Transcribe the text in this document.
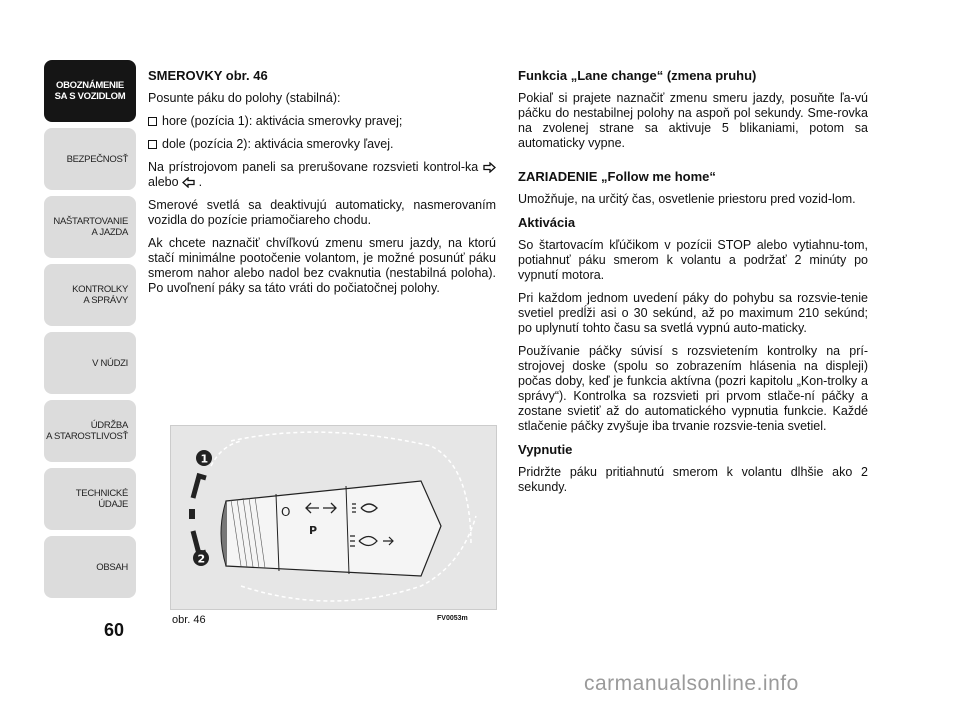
OBOZNÁMENIE
SA S VOZIDLOM
BEZPEČNOSŤ
NAŠTARTOVANIE
A JAZDA
KONTROLKY
A SPRÁVY
V NÚDZI
ÚDRŽBA
A STAROSTLIVOSŤ
TECHNICKÉ
ÚDAJE
OBSAH
60

SMEROVKY obr. 46

Posunte páku do polohy (stabilná):

hore (pozícia 1): aktivácia smerovky pravej;

dole (pozícia 2): aktivácia smerovky ľavej.

Na prístrojovom paneli sa prerušovane rozsvieti kontrol-ka  alebo .

Smerové svetlá sa deaktivujú automaticky, nasmerovaním vozidla do pozície priamočiareho chodu.

Ak chcete naznačiť chvíľkovú zmenu smeru jazdy, na ktorú stačí minimálne pootočenie volantom, je možné posunúť páku smerom nahor alebo nadol bez cvaknutia (nestabilná poloha). Po uvoľnení páky sa táto vráti do počiatočnej polohy.

O
P
1
2
obr. 46	FV0053m

Funkcia „Lane change“ (zmena pruhu)

Pokiaľ si prajete naznačiť zmenu smeru jazdy, posuňte ľa-vú páčku do nestabilnej polohy na aspoň pol sekundy. Sme-rovka na zvolenej strane sa aktivuje 5 blikaniami, potom sa automaticky vypne.

ZARIADENIE „Follow me home“

Umožňuje, na určitý čas, osvetlenie priestoru pred vozid-lom.

Aktivácia

So štartovacím kľúčikom v pozícii STOP alebo vytiahnu-tom, potiahnuť páku smerom k volantu a podržať 2 minúty po vypnutí motora.

Pri každom jednom uvedení páky do pohybu sa rozsvie-tenie svetiel predĺži asi o 30 sekúnd, až po maximum 210 sekúnd; po uplynutí tohto času sa svetlá vypnú auto-maticky.

Používanie páčky súvisí s rozsvietením kontrolky na prí-strojovej doske (spolu so zobrazením hlásenia na displeji) počas doby, keď je funkcia aktívna (pozri kapitolu „Kon-trolky a správy“). Kontrolka sa rozsvieti pri prvom stlače-ní páčky a zostane svietiť až do automatického vypnutia funkcie. Každé stlačenie páčky zvyšuje iba trvanie rozsvie-tenia svetiel.

Vypnutie

Pridržte páku pritiahnutú smerom k volantu dlhšie ako 2 sekundy.

carmanualsonline.info
